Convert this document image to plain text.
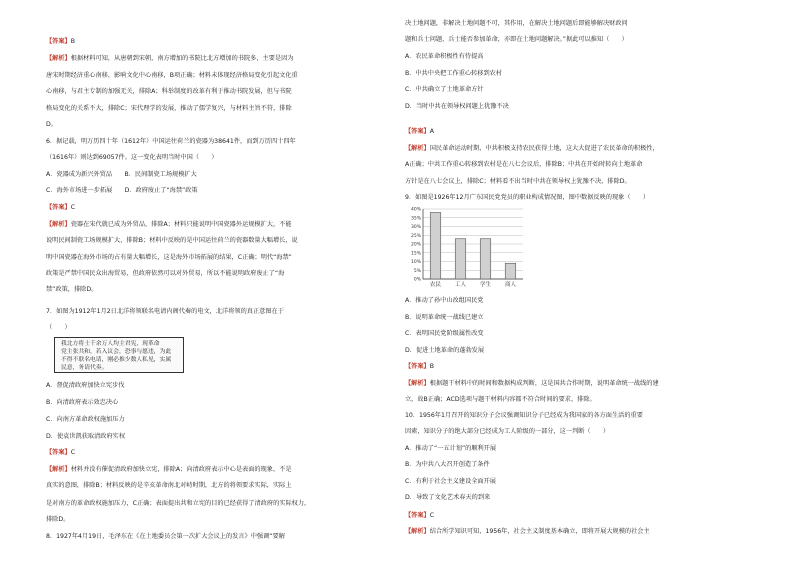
【答案】B
【解析】根据材料可知，从唐朝到宋朝，南方增加的书院比北方增加的书院多，主要是因为
唐宋时期经济重心南移，影响文化中心南移，B项正确；材料未体现经济格局变化引起文化重
心南移，与君主专制的加强无关，排除A；科举制度的改革有利于推动书院发展，但与书院
格局变化的关系不大，排除C；宋代理学的发展，推动了儒学复兴，与材料主旨不符，排除
D。
6．据记载，明万历四十年（1612年）中国运往荷兰的瓷器为38641件，而到万历四十四年
（1616年）则达到69057件。这一变化表明当时中国（　　）
A．瓷器成为新兴外贸品　　B．民间制瓷工场规模扩大
C．海外市场进一步拓展　　D．政府废止了“海禁”政策
【答案】C
【解析】瓷器在宋代就已成为外贸品，排除A；材料只能说明中国瓷器外运规模扩大，不能
说明民间制瓷工场规模扩大，排除B；材料中反映的是中国运往荷兰的瓷器数量大幅增长，说
明中国瓷器在海外市场的占有量大幅增长，这是海外市场拓展的结果，C正确；明代“海禁”
政策是严禁中国民众出海贸易，但政府依然可以对外贸易，所以不能说明政府废止了“海
禁”政策，排除D。
7．如图为1912年1月2日北洋将领联名电请内阁代奏的电文，北洋将领的真正意图在于
（　　）
A．督促清政府加快立宪步伐
B．向清政府表示效忠决心
C．向南方革命政权施加压力
D．使袁世凯获取清政府实权
【答案】C
【解析】材料并没有催促清政府加快立宪，排除A；向清政府表示中心是表面的现象，不是
真实的意图，排除B；材料反映的是辛亥革命南北对峙时期，北方的将领要求实际，实际上
是对南方的革命政权施加压力，C正确；表面提出共和立宪的目的已经获得了清政府的实际权力，
排除D。
8．1927年4月19日，毛泽东在《在土地委员会第一次扩大会议上的发言》中强调“要解
我北方将士千余万人均主君宪，现革命
党主张共和，若入议会，恐事与愿违，为此
不得不联名电请，刚必推少数人私见，实属
民意，务请代奏。
决土地问题，非解决土地问题不可，其作用，在解决土地问题后即能够解决财政问
题和兵士问题，兵士能否参加革命，亦即在土地问题解决。”据此可以推知（　　）
A．农民革命积极性有待提高
B．中共中央把工作重心转移到农村
C．中共确立了土地革命方针
D．当时中共在领导权问题上犹豫不决
【答案】A
【解析】国民革命运动时期，中共积极支持农民获得土地，这大大促进了农民革命的积极性，
A正确；中共工作重心转移到农村是在八七会议后，排除B；中共在开始时转向土地革命
方针是在八七会议上，排除C；材料看不出当时中共在领导权上犹豫不决，排除D。
9．如图是1926年12月广东国民党党员的职业构成情况图，图中数据反映的现象（　　）
A．推动了孙中山改组国民党
B．说明革命统一战线已建立
C．表明国民党阶级属性改变
D．促进土地革命的蓬勃发展
【答案】B
【解析】根据题干材料中的时间和数据构成判断，这是国共合作时期，说明革命统一战线的建
立，故B正确；ACD选项与题干材料内容都不符合时间的要求，排除。
10．1956年1月召开的知识分子会议强调知识分子已经成为我国家的各方面生活的重要
因素，知识分子的绝大部分已经成为工人阶级的一部分，这一判断（　　）
A．推动了“一五计划”的顺利开展
B．为中共八大召开创造了条件
C．有利于社会主义建设全面开展
D．导致了文化艺术春天的到来
【答案】C
【解析】结合所学知识可知，1956年，社会主义制度基本确立，即将开展大规模的社会主
0%
5%
10%
15%
20%
25%
30%
35%
40%
农民	工人	学生	商人
